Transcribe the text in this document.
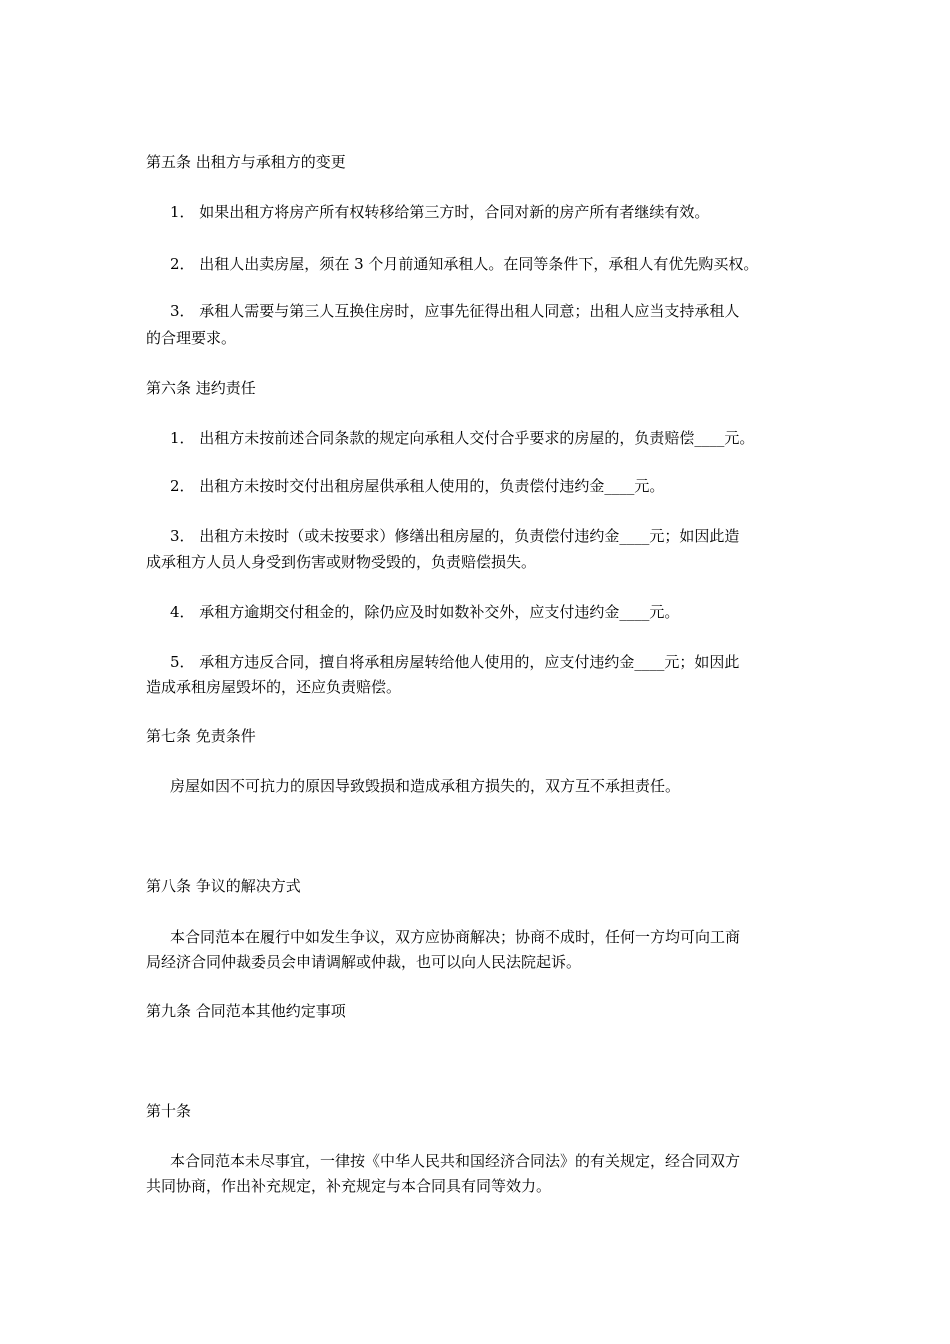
第五条 出租方与承租方的变更
1． 如果出租方将房产所有权转移给第三方时，合同对新的房产所有者继续有效。
2． 出租人出卖房屋，须在 3 个月前通知承租人。在同等条件下，承租人有优先购买权。
3． 承租人需要与第三人互换住房时，应事先征得出租人同意；出租人应当支持承租人
的合理要求。
第六条 违约责任
1． 出租方未按前述合同条款的规定向承租人交付合乎要求的房屋的，负责赔偿____元。
2． 出租方未按时交付出租房屋供承租人使用的，负责偿付违约金____元。
3． 出租方未按时（或未按要求）修缮出租房屋的，负责偿付违约金____元；如因此造
成承租方人员人身受到伤害或财物受毁的，负责赔偿损失。
4． 承租方逾期交付租金的，除仍应及时如数补交外，应支付违约金____元。
5． 承租方违反合同，擅自将承租房屋转给他人使用的，应支付违约金____元；如因此
造成承租房屋毁坏的，还应负责赔偿。
第七条 免责条件
房屋如因不可抗力的原因导致毁损和造成承租方损失的，双方互不承担责任。
第八条 争议的解决方式
本合同范本在履行中如发生争议，双方应协商解决；协商不成时，任何一方均可向工商
局经济合同仲裁委员会申请调解或仲裁，也可以向人民法院起诉。
第九条 合同范本其他约定事项
第十条
本合同范本未尽事宜，一律按《中华人民共和国经济合同法》的有关规定，经合同双方
共同协商，作出补充规定，补充规定与本合同具有同等效力。
